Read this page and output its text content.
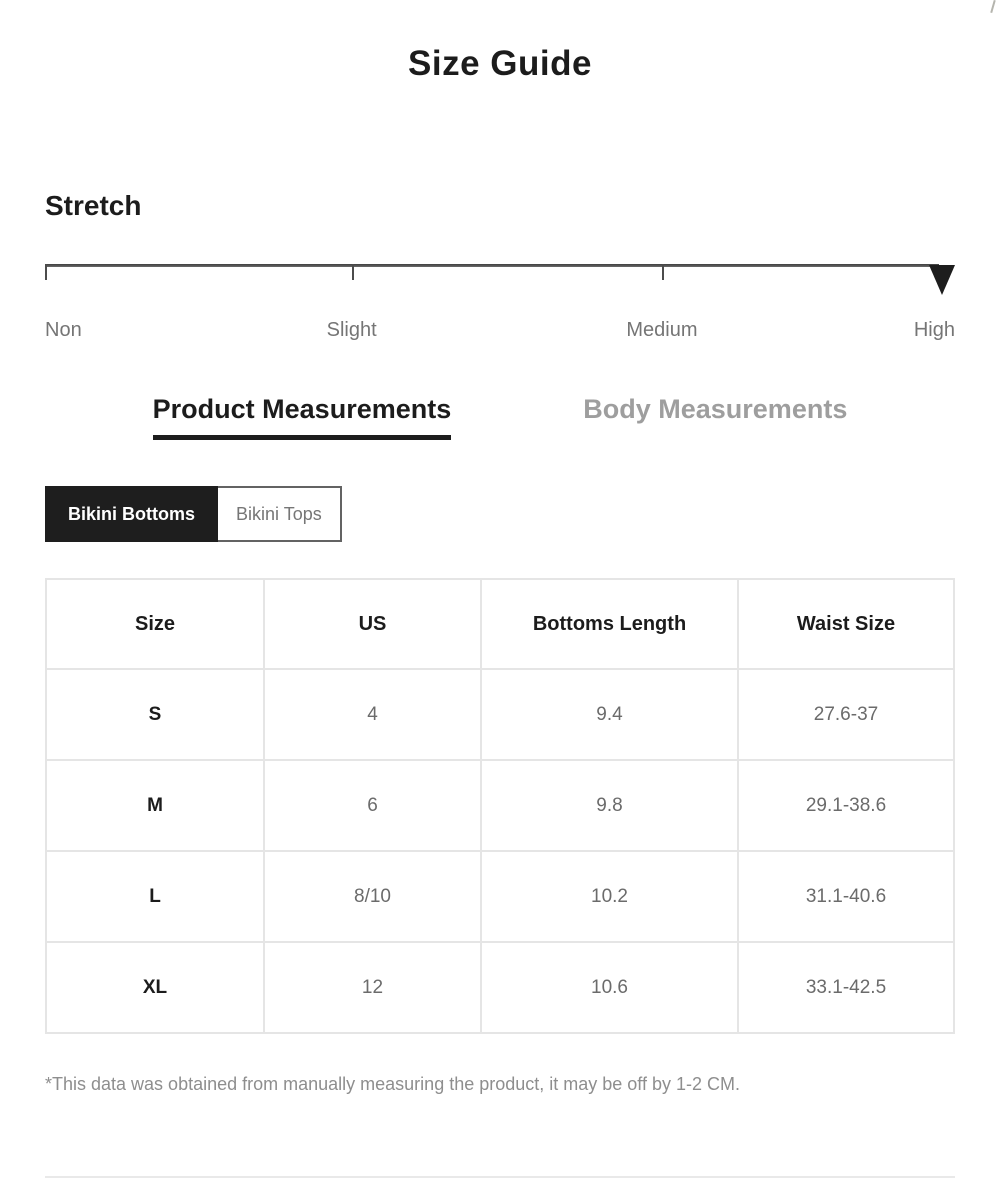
Size Guide
Stretch
Non	Slight	Medium	High
Product Measurements	Body Measurements
Bikini Bottoms	Bikini Tops
Size	US	Bottoms Length	Waist Size
S	4	9.4	27.6-37
M	6	9.8	29.1-38.6
L	8/10	10.2	31.1-40.6
XL	12	10.6	33.1-42.5

*This data was obtained from manually measuring the product, it may be off by 1-2 CM.
